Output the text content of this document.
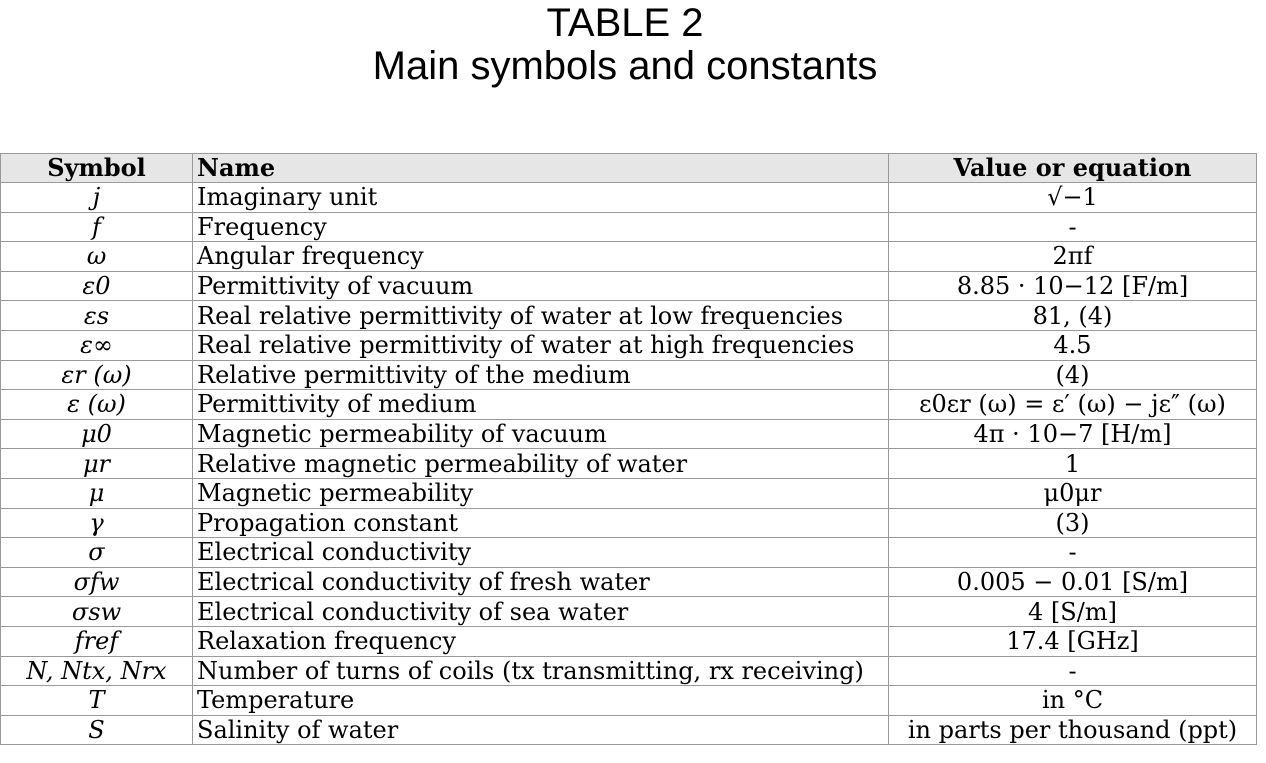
TABLE 2
Main symbols and constants
Symbol	Name	Value or equation
j	Imaginary unit	√−1
f	Frequency	-
ω	Angular frequency	2πf
ε0	Permittivity of vacuum	8.85 · 10−12 [F/m]
εs	Real relative permittivity of water at low frequencies	81, (4)
ε∞	Real relative permittivity of water at high frequencies	4.5
εr (ω)	Relative permittivity of the medium	(4)
ε (ω)	Permittivity of medium	ε0εr (ω) = ε′ (ω) − jε″ (ω)
μ0	Magnetic permeability of vacuum	4π · 10−7 [H/m]
μr	Relative magnetic permeability of water	1
μ	Magnetic permeability	μ0μr
γ	Propagation constant	(3)
σ	Electrical conductivity	-
σfw	Electrical conductivity of fresh water	0.005 − 0.01 [S/m]
σsw	Electrical conductivity of sea water	4 [S/m]
fref	Relaxation frequency	17.4 [GHz]
N, Ntx, Nrx	Number of turns of coils (tx transmitting, rx receiving)	-
T	Temperature	in °C
S	Salinity of water	in parts per thousand (ppt)
